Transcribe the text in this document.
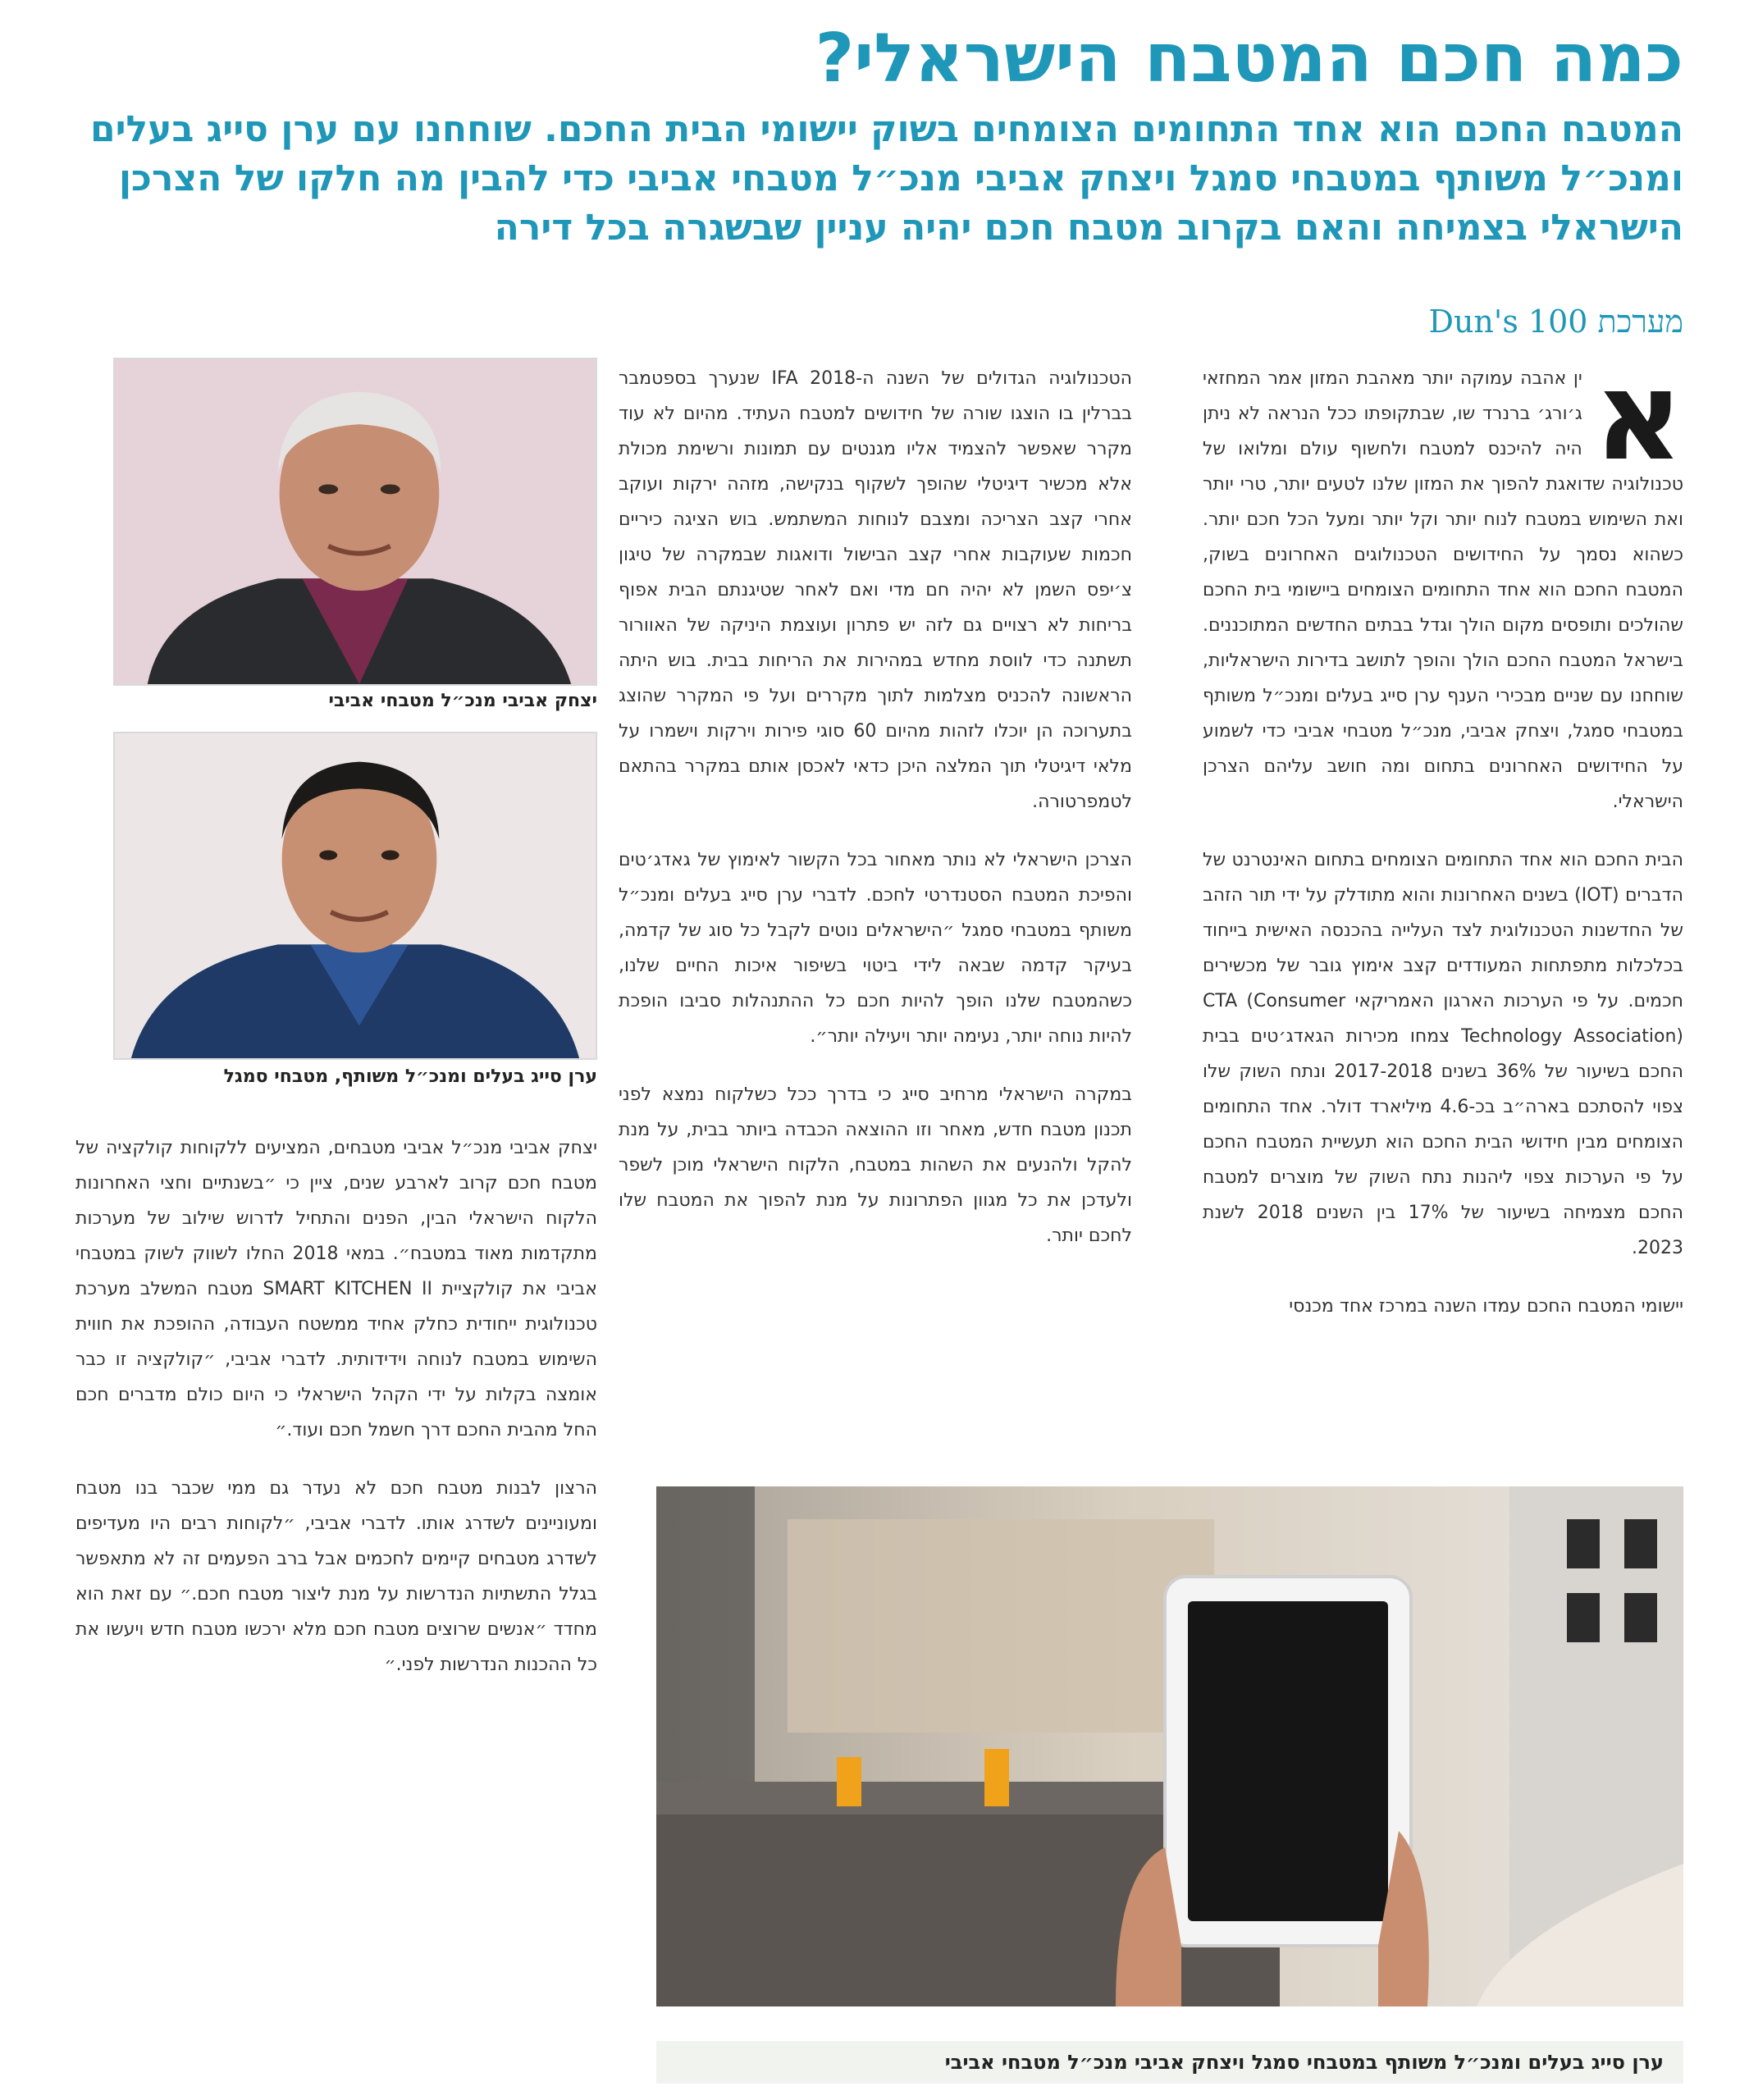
כמה חכם המטבח הישראלי?
המטבח החכם הוא אחד התחומים הצומחים בשוק יישומי הבית החכם. שוחחנו עם ערן סייג בעלים ומנכ״ל משותף במטבחי סמגל ויצחק אביבי מנכ״ל מטבחי אביבי כדי להבין מה חלקו של הצרכן הישראלי בצמיחה והאם בקרוב מטבח חכם יהיה עניין שבשגרה בכל דירה
מערכת Dun's 100

א
ין אהבה עמוקה יותר מאהבת המזון אמר המחזאי ג׳ורג׳ ברנרד שו, שבתקופתו ככל הנראה לא ניתן היה להיכנס למטבח ולחשוף עולם ומלואו של טכנולוגיה שדואגת להפוך את המזון שלנו לטעים יותר, טרי יותר ואת השימוש במטבח לנוח יותר וקל יותר ומעל הכל חכם יותר. כשהוא נסמך על החידושים הטכנולוגים האחרונים בשוק, המטבח החכם הוא אחד התחומים הצומחים ביישומי בית החכם שהולכים ותופסים מקום הולך וגדל בבתים החדשים המתוכננים. בישראל המטבח החכם הולך והופך לתושב בדירות הישראליות, שוחחנו עם שניים מבכירי הענף ערן סייג בעלים ומנכ״ל משותף במטבחי סמגל, ויצחק אביבי, מנכ״ל מטבחי אביבי כדי לשמוע על החידושים האחרונים בתחום ומה חושב עליהם הצרכן הישראלי.

הבית החכם הוא אחד התחומים הצומחים בתחום האינטרנט של הדברים (IOT) בשנים האחרונות והוא מתודלק על ידי תור הזהב של החדשנות הטכנולוגית לצד העלייה בהכנסה האישית בייחוד בכלכלות מתפתחות המעודדים קצב אימוץ גובר של מכשירים חכמים. על פי הערכות הארגון האמריקאי CTA (Consumer Technology Association) צמחו מכירות הגאדג׳טים בבית החכם בשיעור של 36% בשנים 2017-2018 ונתח השוק שלו צפוי להסתכם בארה״ב בכ-4.6 מיליארד דולר. אחד התחומים הצומחים מבין חידושי הבית החכם הוא תעשיית המטבח החכם על פי הערכות צפוי ליהנות נתח השוק של מוצרים למטבח החכם מצמיחה בשיעור של 17% בין השנים 2018 לשנת 2023.

יישומי המטבח החכם עמדו השנה במרכז אחד מכנסי

הטכנולוגיה הגדולים של השנה ה-IFA 2018 שנערך בספטמבר בברלין בו הוצגו שורה של חידושים למטבח העתיד. מהיום לא עוד מקרר שאפשר להצמיד אליו מגנטים עם תמונות ורשימת מכולת אלא מכשיר דיגיטלי שהופך לשקוף בנקישה, מזהה ירקות ועוקב אחרי קצב הצריכה ומצבם לנוחות המשתמש. בוש הציגה כיריים חכמות שעוקבות אחרי קצב הבישול ודואגות שבמקרה של טיגון צ׳יפס השמן לא יהיה חם מדי ואם לאחר שטיגנתם הבית אפוף בריחות לא רצויים גם לזה יש פתרון ועוצמת היניקה של האוורור תשתנה כדי לווסת מחדש במהירות את הריחות בבית. בוש היתה הראשונה להכניס מצלמות לתוך מקררים ועל פי המקרר שהוצג בתערוכה הן יוכלו לזהות מהיום 60 סוגי פירות וירקות וישמרו על מלאי דיגיטלי תוך המלצה היכן כדאי לאכסן אותם במקרר בהתאם לטמפרטורה.

הצרכן הישראלי לא נותר מאחור בכל הקשור לאימוץ של גאדג׳טים והפיכת המטבח הסטנדרטי לחכם. לדברי ערן סייג בעלים ומנכ״ל משותף במטבחי סמגל ״הישראלים נוטים לקבל כל סוג של קדמה, בעיקר קדמה שבאה לידי ביטוי בשיפור איכות החיים שלנו, כשהמטבח שלנו הופך להיות חכם כל ההתנהלות סביבו הופכת להיות נוחה יותר, נעימה יותר ויעילה יותר״.

במקרה הישראלי מרחיב סייג כי בדרך ככל כשלקוח נמצא לפני תכנון מטבח חדש, מאחר וזו ההוצאה הכבדה ביותר בבית, על מנת להקל ולהנעים את השהות במטבח, הלקוח הישראלי מוכן לשפר ולעדכן את כל מגוון הפתרונות על מנת להפוך את המטבח שלו לחכם יותר.

יצחק אביבי מנכ״ל מטבחי אביבי
ערן סייג בעלים ומנכ״ל משותף, מטבחי סמגל

יצחק אביבי מנכ״ל אביבי מטבחים, המציעים ללקוחות קולקציה של מטבח חכם קרוב לארבע שנים, ציין כי ״בשנתיים וחצי האחרונות הלקוח הישראלי הבין, הפנים והתחיל לדרוש שילוב של מערכות מתקדמות מאוד במטבח״. במאי 2018 החלו לשווק לשוק במטבחי אביבי את קולקציית SMART KITCHEN II מטבח המשלב מערכת טכנולוגית ייחודית כחלק אחיד ממשטח העבודה, ההופכת את חווית השימוש במטבח לנוחה וידידותית. לדברי אביבי, ״קולקציה זו כבר אומצה בקלות על ידי הקהל הישראלי כי היום כולם מדברים חכם החל מהבית החכם דרך חשמל חכם ועוד.״

הרצון לבנות מטבח חכם לא נעדר גם ממי שכבר בנו מטבח ומעוניינים לשדרג אותו. לדברי אביבי, ״לקוחות רבים היו מעדיפים לשדרג מטבחים קיימים לחכמים אבל ברב הפעמים זה לא מתאפשר בגלל התשתיות הנדרשות על מנת ליצור מטבח חכם.״ עם זאת הוא מחדד ״אנשים שרוצים מטבח חכם מלא ירכשו מטבח חדש ויעשו את כל ההכנות הנדרשות לפני.״

ערן סייג בעלים ומנכ״ל משותף במטבחי סמגל ויצחק אביבי מנכ״ל מטבחי אביבי
